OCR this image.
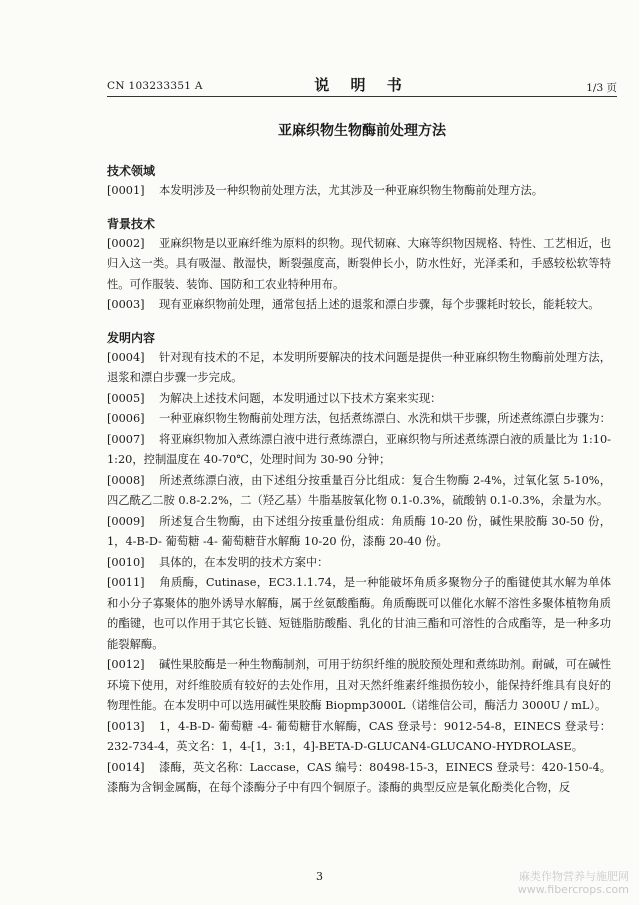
CN 103233351 A	说 明 书	1/3 页
亚麻织物生物酶前处理方法
技术领域
[0001] 本发明涉及一种织物前处理方法，尤其涉及一种亚麻织物生物酶前处理方法。
背景技术
[0002] 亚麻织物是以亚麻纤维为原料的织物。现代韧麻、大麻等织物因规格、特性、工艺相近，也归入这一类。具有吸湿、散湿快，断裂强度高，断裂伸长小，防水性好，光泽柔和，手感较松软等特性。可作服装、装饰、国防和工农业特种用布。
[0003] 现有亚麻织物前处理，通常包括上述的退浆和漂白步骤，每个步骤耗时较长，能耗较大。
发明内容
[0004] 针对现有技术的不足，本发明所要解决的技术问题是提供一种亚麻织物生物酶前处理方法，退浆和漂白步骤一步完成。
[0005] 为解决上述技术问题，本发明通过以下技术方案来实现：
[0006] 一种亚麻织物生物酶前处理方法，包括煮练漂白、水洗和烘干步骤，所述煮练漂白步骤为：
[0007] 将亚麻织物加入煮练漂白液中进行煮练漂白，亚麻织物与所述煮练漂白液的质量比为 1:10-1:20，控制温度在 40-70℃，处理时间为 30-90 分钟；
[0008] 所述煮练漂白液，由下述组分按重量百分比组成：复合生物酶 2-4%，过氧化氢 5-10%，四乙酰乙二胺 0.8-2.2%，二（羟乙基）牛脂基胺氧化物 0.1-0.3%，硫酸钠 0.1-0.3%，余量为水。
[0009] 所述复合生物酶，由下述组分按重量份组成：角质酶 10-20 份，碱性果胶酶 30-50 份，1，4-B-D- 葡萄糖 -4- 葡萄糖苷水解酶 10-20 份，漆酶 20-40 份。
[0010] 具体的，在本发明的技术方案中：
[0011] 角质酶，Cutinase，EC3.1.1.74，是一种能破坏角质多聚物分子的酯键使其水解为单体和小分子寡聚体的胞外诱导水解酶，属于丝氨酸酯酶。角质酶既可以催化水解不溶性多聚体植物角质的酯键，也可以作用于其它长链、短链脂肪酸酯、乳化的甘油三酯和可溶性的合成酯等，是一种多功能裂解酶。
[0012] 碱性果胶酶是一种生物酶制剂，可用于纺织纤维的脱胶预处理和煮练助剂。耐碱，可在碱性环境下使用，对纤维胶质有较好的去处作用，且对天然纤维素纤维损伤较小，能保持纤维具有良好的物理性能。在本发明中可以选用碱性果胶酶 Biopmp3000L（诺维信公司，酶活力 3000U / mL）。
[0013] 1，4-B-D- 葡萄糖 -4- 葡萄糖苷水解酶，CAS 登录号：9012-54-8，EINECS 登录号：232-734-4，英文名：1，4-[1，3:1，4]-BETA-D-GLUCAN4-GLUCANO-HYDROLASE。
[0014] 漆酶，英文名称：Laccase，CAS 编号：80498-15-3，EINECS 登录号：420-150-4。漆酶为含铜金属酶，在每个漆酶分子中有四个铜原子。漆酶的典型反应是氧化酚类化合物，反
3	麻类作物营养与施肥网
www.fibercrops.com
